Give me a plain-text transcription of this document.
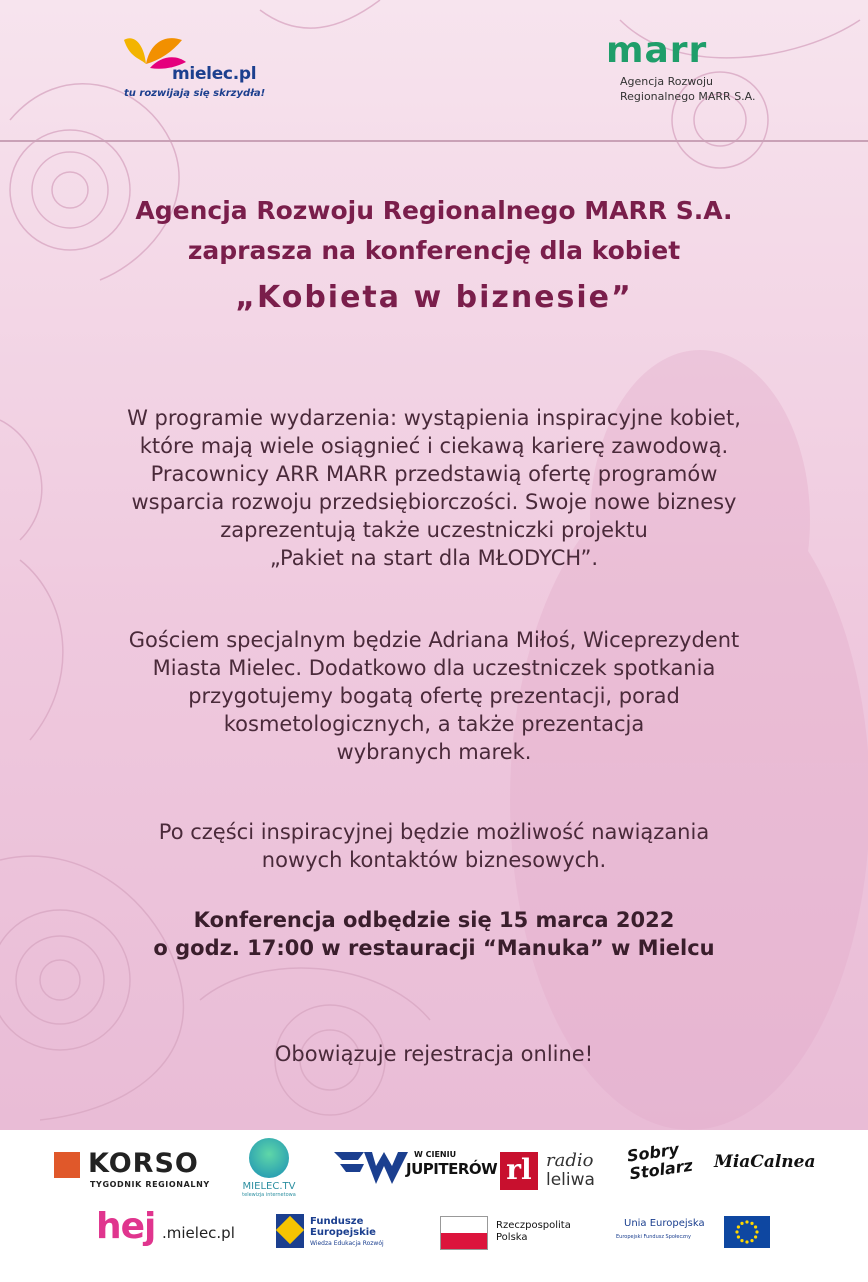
mielec.pl
tu rozwijają się skrzydła!
marr
Agencja Rozwoju
Regionalnego MARR S.A.
Agencja Rozwoju Regionalnego MARR S.A.
zaprasza na konferencję dla kobiet
„Kobieta w biznesie”
W programie wydarzenia: wystąpienia inspiracyjne kobiet,
które mają wiele osiągnieć i ciekawą karierę zawodową.
Pracownicy ARR MARR przedstawią ofertę programów
wsparcia rozwoju przedsiębiorczości. Swoje nowe biznesy
zaprezentują także uczestniczki projektu
„Pakiet na start dla MŁODYCH”.
Gościem specjalnym będzie Adriana Miłoś, Wiceprezydent
Miasta Mielec. Dodatkowo dla uczestniczek spotkania
przygotujemy bogatą ofertę prezentacji, porad
kosmetologicznych, a także prezentacja
wybranych marek.
Po części inspiracyjnej będzie możliwość nawiązania
nowych kontaktów biznesowych.
Konferencja odbędzie się 15 marca 2022
o godz. 17:00 w restauracji “Manuka” w Mielcu
Obowiązuje rejestracja online!
KORSO
TYGODNIK REGIONALNY	MIELEC.TV
telewizja internetowa
W CIENIU
JUPITERÓW rl radio
leliwa
Sobry Stolarz	MiaCalnea
hej .mielec.pl
Fundusze
Europejskie
Wiedza Edukacja Rozwój
Rzeczpospolita
Polska
Unia Europejska
Europejski Fundusz Społeczny
